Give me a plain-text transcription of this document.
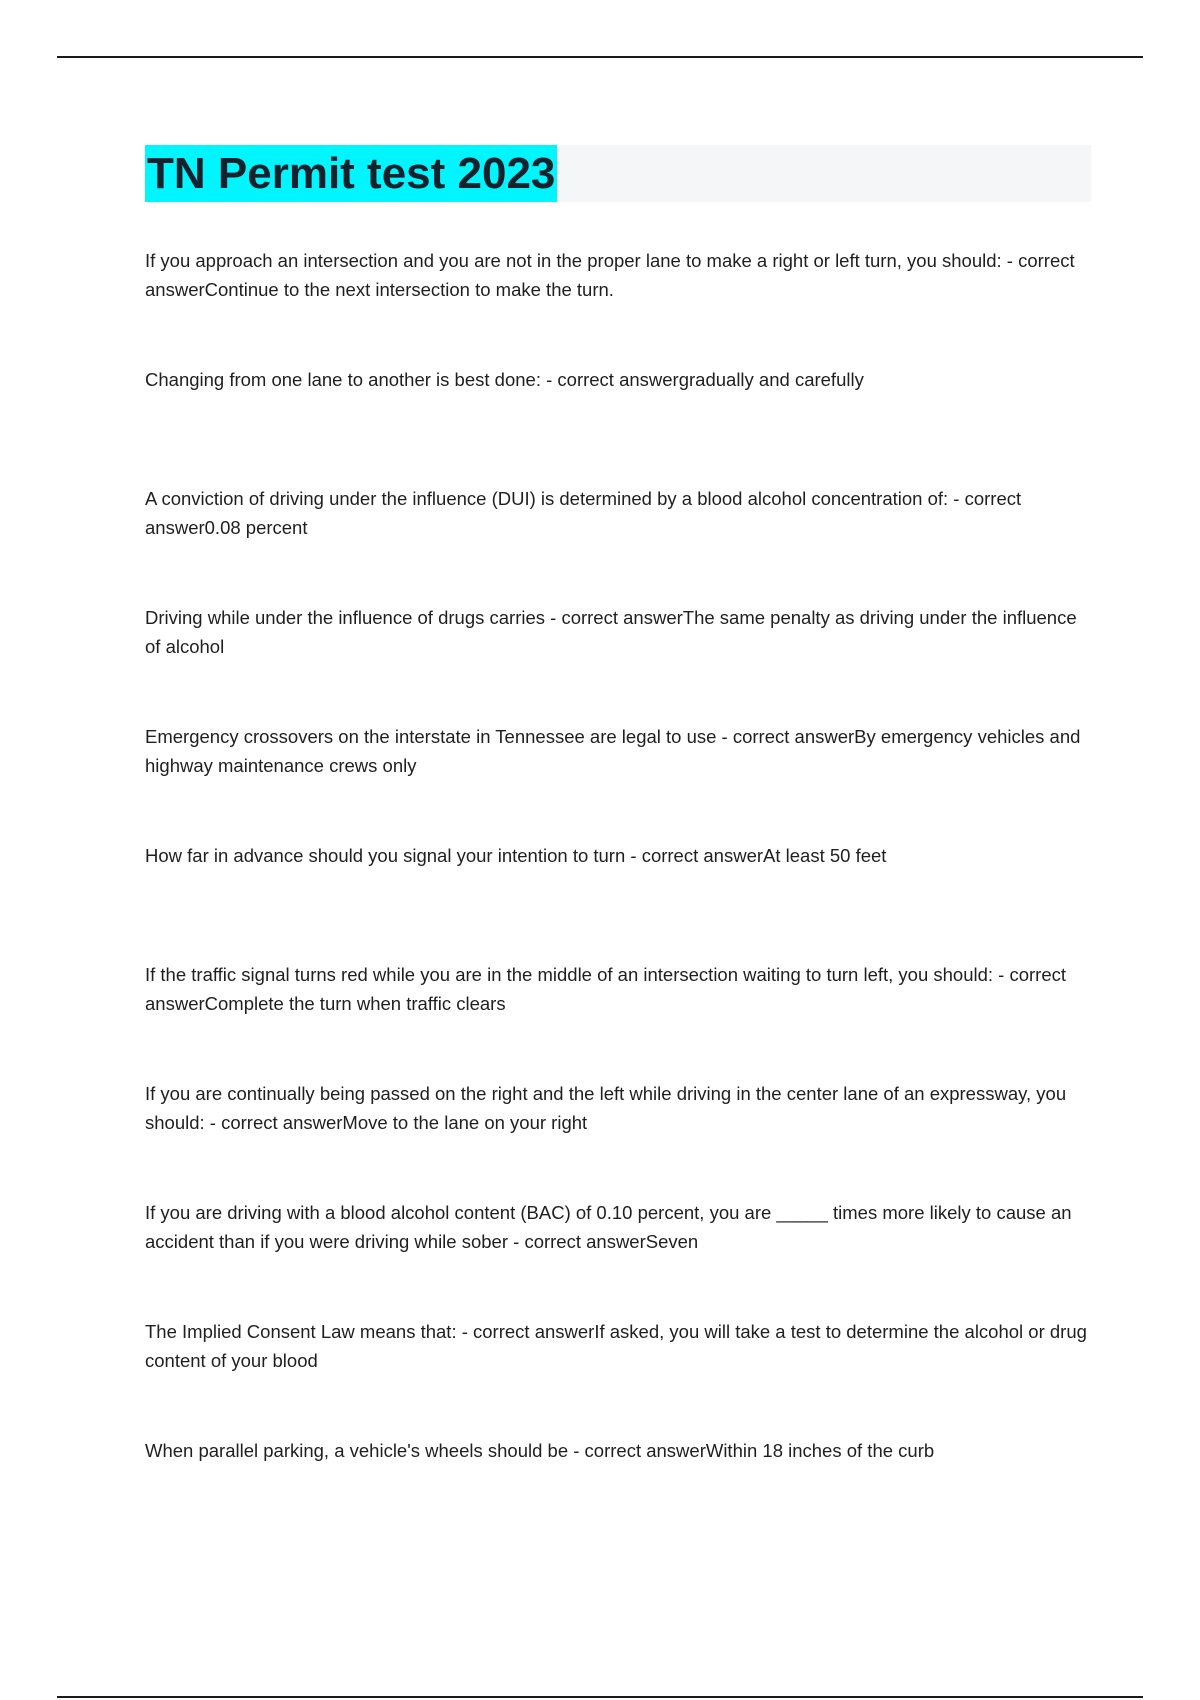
TN Permit test 2023
If you approach an intersection and you are not in the proper lane to make a right or left turn, you should: - correct answerContinue to the next intersection to make the turn.
Changing from one lane to another is best done: - correct answergradually and carefully
A conviction of driving under the influence (DUI) is determined by a blood alcohol concentration of: - correct answer0.08 percent
Driving while under the influence of drugs carries - correct answerThe same penalty as driving under the influence of alcohol
Emergency crossovers on the interstate in Tennessee are legal to use - correct answerBy emergency vehicles and highway maintenance crews only
How far in advance should you signal your intention to turn - correct answerAt least 50 feet
If the traffic signal turns red while you are in the middle of an intersection waiting to turn left, you should: - correct answerComplete the turn when traffic clears
If you are continually being passed on the right and the left while driving in the center lane of an expressway, you should: - correct answerMove to the lane on your right
If you are driving with a blood alcohol content (BAC) of 0.10 percent, you are _____ times more likely to cause an accident than if you were driving while sober - correct answerSeven
The Implied Consent Law means that: - correct answerIf asked, you will take a test to determine the alcohol or drug content of your blood
When parallel parking, a vehicle's wheels should be - correct answerWithin 18 inches of the curb
